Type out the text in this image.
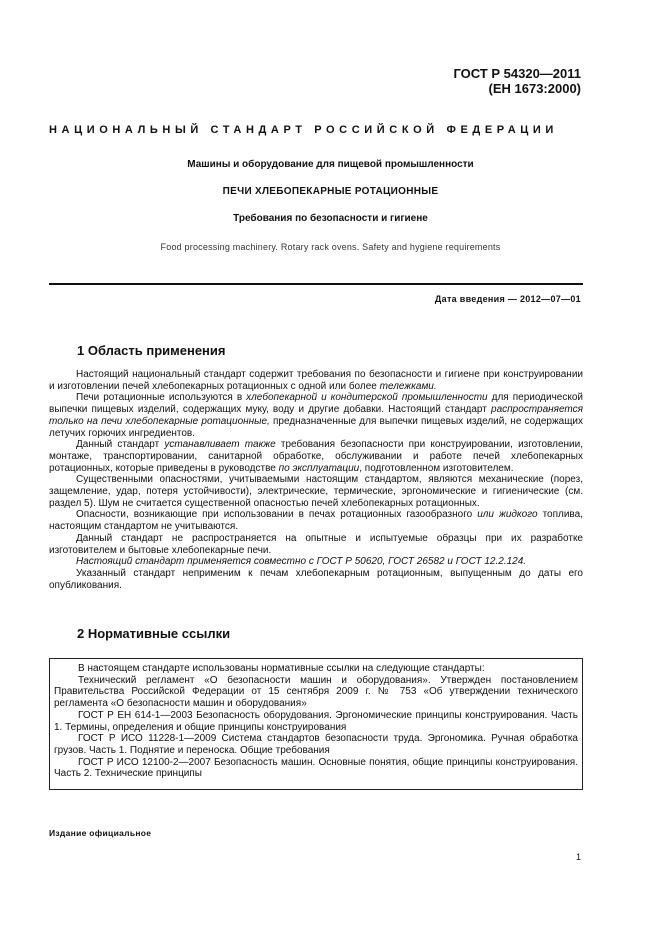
ГОСТ Р 54320—2011
(ЕН 1673:2000)
НАЦИОНАЛЬНЫЙ СТАНДАРТ РОССИЙСКОЙ ФЕДЕРАЦИИ
Машины и оборудование для пищевой промышленности
ПЕЧИ ХЛЕБОПЕКАРНЫЕ РОТАЦИОННЫЕ
Требования по безопасности и гигиене
Food processing machinery. Rotary rack ovens. Safety and hygiene requirements
Дата введения — 2012—07—01
1 Область применения

Настоящий национальный стандарт содержит требования по безопасности и гигиене при конструировании и изготовлении печей хлебопекарных ротационных с одной или более тележками.

Печи ротационные используются в хлебопекарной и кондитерской промышленности для периодической выпечки пищевых изделий, содержащих муку, воду и другие добавки. Настоящий стандарт распространяется только на печи хлебопекарные ротационные, предназначенные для выпечки пищевых изделий, не содержащих летучих горючих ингредиентов.

Данный стандарт устанавливает также требования безопасности при конструировании, изготовлении, монтаже, транспортировании, санитарной обработке, обслуживании и работе печей хлебопекарных ротационных, которые приведены в руководстве по эксплуатации, подготовленном изготовителем.

Существенными опасностями, учитываемыми настоящим стандартом, являются механические (порез, защемление, удар, потеря устойчивости), электрические, термические, эргономические и гигиенические (см. раздел 5). Шум не считается существенной опасностью печей хлебопекарных ротационных.

Опасности, возникающие при использовании в печах ротационных газообразного или жидкого топлива, настоящим стандартом не учитываются.

Данный стандарт не распространяется на опытные и испытуемые образцы при их разработке изготовителем и бытовые хлебопекарные печи.

Настоящий стандарт применяется совместно с ГОСТ Р 50620, ГОСТ 26582 и ГОСТ 12.2.124.

Указанный стандарт неприменим к печам хлебопекарным ротационным, выпущенным до даты его опубликования.

2 Нормативные ссылки

В настоящем стандарте использованы нормативные ссылки на следующие стандарты:

Технический регламент «О безопасности машин и оборудования». Утвержден постановлением Правительства Российской Федерации от 15 сентября 2009 г. № 753 «Об утверждении технического регламента «О безопасности машин и оборудования»

ГОСТ Р ЕН 614-1—2003 Безопасность оборудования. Эргономические принципы конструирования. Часть 1. Термины, определения и общие принципы конструирования

ГОСТ Р ИСО 11228-1—2009 Система стандартов безопасности труда. Эргономика. Ручная обработка грузов. Часть 1. Поднятие и переноска. Общие требования

ГОСТ Р ИСО 12100-2—2007 Безопасность машин. Основные понятия, общие принципы конструирования. Часть 2. Технические принципы

Издание официальное
1
